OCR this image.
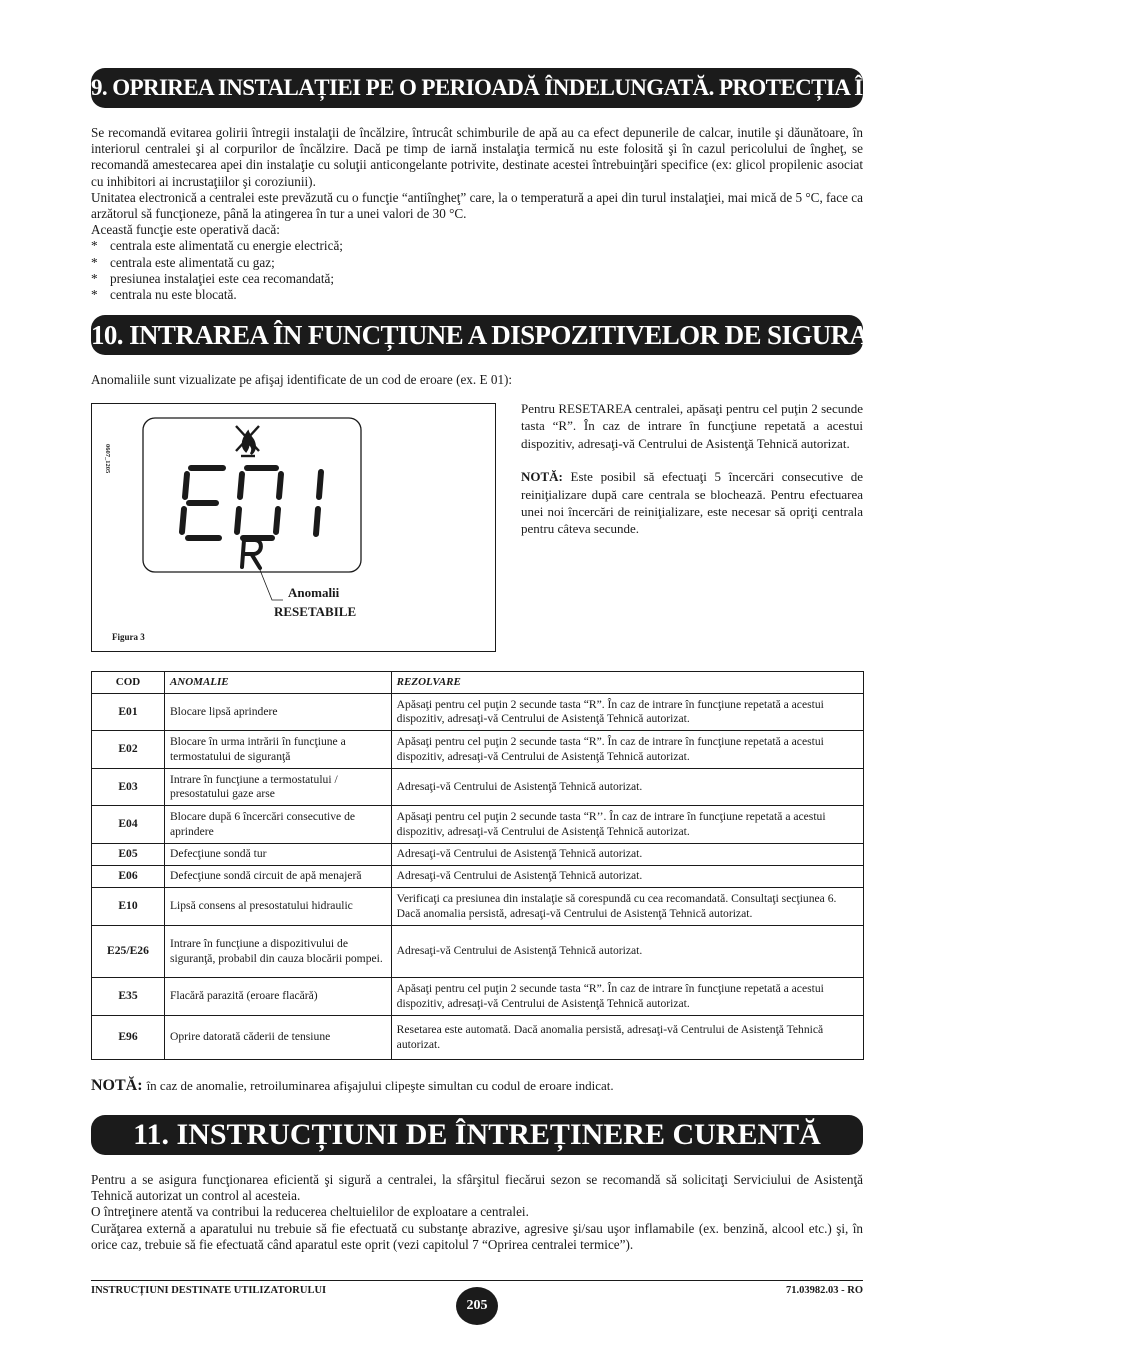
9. OPRIREA INSTALAȚIEI PE O PERIOADĂ ÎNDELUNGATĂ. PROTECȚIA ÎMPOTRIVA ÎNGHEȚULUI

Se recomandă evitarea golirii întregii instalaţii de încălzire, întrucât schimburile de apă au ca efect depunerile de calcar, inutile şi dăunătoare, în interiorul centralei şi al corpurilor de încălzire. Dacă pe timp de iarnă instalaţia termică nu este folosită şi în cazul pericolului de îngheţ, se recomandă amestecarea apei din instalaţie cu soluţii anticongelante potrivite, destinate acestei întrebuinţări specifice (ex: glicol propilenic asociat cu inhibitori ai incrustaţiilor şi coroziunii).

Unitatea electronică a centralei este prevăzută cu o funcţie “antiîngheţ” care, la o temperatură a apei din turul instalaţiei, mai mică de 5 °C, face ca arzătorul să funcţioneze, până la atingerea în tur a unei valori de 30 °C.

Această funcţie este operativă dacă:

* centrala este alimentată cu energie electrică;
* centrala este alimentată cu gaz;
* presiunea instalaţiei este cea recomandată;
* centrala nu este blocată.
10. INTRAREA ÎN FUNCȚIUNE A DISPOZITIVELOR DE SIGURANȚA
Anomaliile sunt vizualizate pe afişaj identificate de un cod de eroare (ex. E 01):
0607_1205
Anomalii
RESETABILE
Figura 3

Pentru RESETAREA centralei, apăsaţi pentru cel puţin 2 secunde tasta “R”. În caz de intrare în funcţiune repetată a acestui dispozitiv, adresaţi-vă Centrului de Asistenţă Tehnică autorizat.

NOTĂ: Este posibil să efectuaţi 5 încercări consecutive de reiniţializare după care centrala se blochează. Pentru efectuarea unei noi încercări de reiniţializare, este necesar să opriţi centrala pentru câteva secunde.

COD	ANOMALIE	REZOLVARE
E01	Blocare lipsă aprindere	Apăsaţi pentru cel puţin 2 secunde tasta “R”. În caz de intrare în funcţiune repetată a acestui dispozitiv, adresaţi-vă Centrului de Asistenţă Tehnică autorizat.
E02	Blocare în urma intrării în funcţiune a termostatului de siguranţă	Apăsaţi pentru cel puţin 2 secunde tasta “R”. În caz de intrare în funcţiune repetată a acestui dispozitiv, adresaţi-vă Centrului de Asistenţă Tehnică autorizat.
E03	Intrare în funcţiune a termostatului / presostatului gaze arse	Adresaţi-vă Centrului de Asistenţă Tehnică autorizat.
E04	Blocare după 6 încercări consecutive de aprindere	Apăsaţi pentru cel puţin 2 secunde tasta “R’’. În caz de intrare în funcţiune repetată a acestui dispozitiv, adresaţi-vă Centrului de Asistenţă Tehnică autorizat.
E05	Defecţiune sondă tur	Adresaţi-vă Centrului de Asistenţă Tehnică autorizat.
E06	Defecţiune sondă circuit de apă menajeră	Adresaţi-vă Centrului de Asistenţă Tehnică autorizat.
E10	Lipsă consens al presostatului hidraulic	Verificaţi ca presiunea din instalaţie să corespundă cu cea recomandată. Consultaţi secţiunea 6. Dacă anomalia persistă, adresaţi-vă Centrului de Asistenţă Tehnică autorizat.
E25/E26	Intrare în funcţiune a dispozitivului de siguranţă, probabil din cauza blocării pompei.	Adresaţi-vă Centrului de Asistenţă Tehnică autorizat.
E35	Flacără parazită (eroare flacără)	Apăsaţi pentru cel puţin 2 secunde tasta “R”. În caz de intrare în funcţiune repetată a acestui dispozitiv, adresaţi-vă Centrului de Asistenţă Tehnică autorizat.
E96	Oprire datorată căderii de tensiune	Resetarea este automată. Dacă anomalia persistă, adresaţi-vă Centrului de Asistenţă Tehnică autorizat.
NOTĂ: în caz de anomalie, retroiluminarea afişajului clipeşte simultan cu codul de eroare indicat.
11. INSTRUCȚIUNI DE ÎNTREȚINERE CURENTĂ

Pentru a se asigura funcţionarea eficientă şi sigură a centralei, la sfârşitul fiecărui sezon se recomandă să solicitaţi Serviciului de Asistenţă Tehnică autorizat un control al acesteia.

O întreţinere atentă va contribui la reducerea cheltuielilor de exploatare a centralei.

Curăţarea externă a aparatului nu trebuie să fie efectuată cu substanţe abrazive, agresive şi/sau uşor inflamabile (ex. benzină, alcool etc.) şi, în orice caz, trebuie să fie efectuată când aparatul este oprit (vezi capitolul 7 “Oprirea centralei termice”).

INSTRUCȚIUNI DESTINATE UTILIZATORULUI
205
71.03982.03 - RO
